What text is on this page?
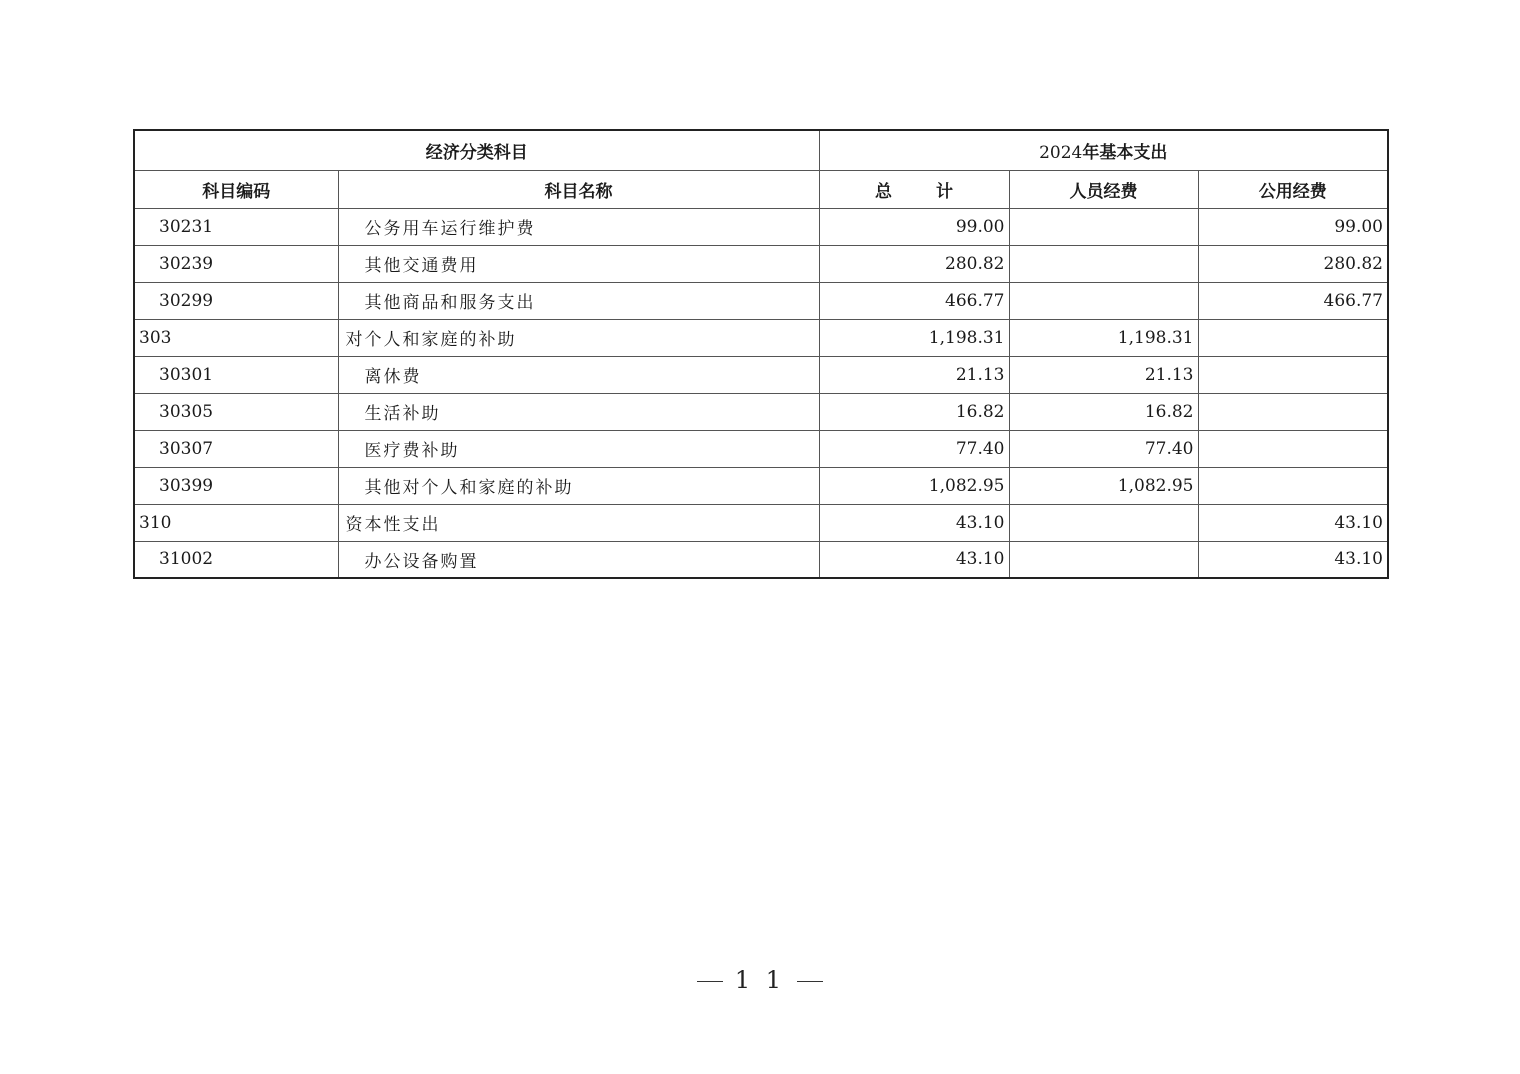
经济分类科目		2024年基本支出		
科目编码	科目名称	总 计	人员经费	公用经费
30231	公务用车运行维护费	99.00		99.00
30239	其他交通费用	280.82		280.82
30299	其他商品和服务支出	466.77		466.77
303	对个人和家庭的补助	1,198.31	1,198.31	
30301	离休费	21.13	21.13	
30305	生活补助	16.82	16.82	
30307	医疗费补助	77.40	77.40	
30399	其他对个人和家庭的补助	1,082.95	1,082.95	
310	资本性支出	43.10		43.10
31002	办公设备购置	43.10		43.10
1 1
